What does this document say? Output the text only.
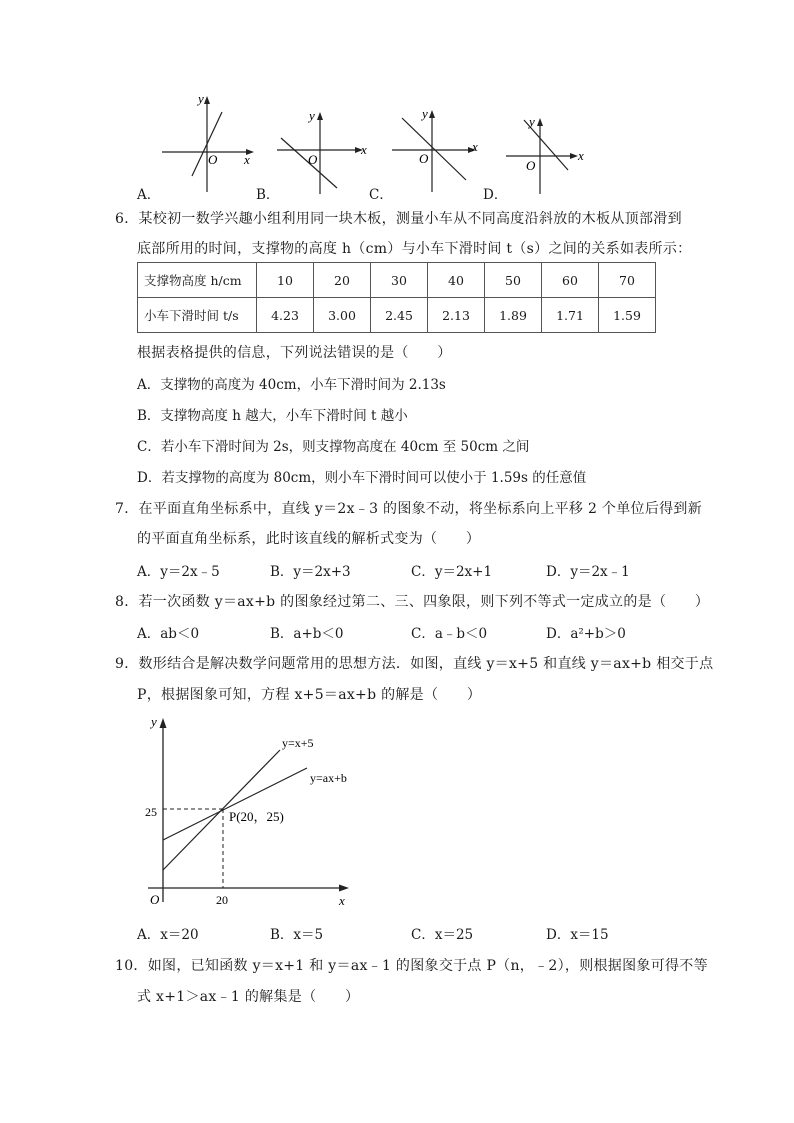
y
x
O
y
x
O
y
x
O
y
x
O
A．	B．	C．	D．
6．某校初一数学兴趣小组利用同一块木板，测量小车从不同高度沿斜放的木板从顶部滑到
底部所用的时间，支撑物的高度 h（cm）与小车下滑时间 t（s）之间的关系如表所示：
支撑物高度 h/cm	10	20	30	40	50	60	70
小车下滑时间 t/s	4.23	3.00	2.45	2.13	1.89	1.71	1.59
根据表格提供的信息，下列说法错误的是（　　）
A．支撑物的高度为 40cm，小车下滑时间为 2.13s
B．支撑物高度 h 越大，小车下滑时间 t 越小
C．若小车下滑时间为 2s，则支撑物高度在 40cm 至 50cm 之间
D．若支撑物的高度为 80cm，则小车下滑时间可以使小于 1.59s 的任意值
7．在平面直角坐标系中，直线 y＝2x﹣3 的图象不动，将坐标系向上平移 2 个单位后得到新
的平面直角坐标系，此时该直线的解析式变为（　　）
A．y＝2x﹣5	B．y＝2x+3	C．y＝2x+1	D．y＝2x﹣1
8．若一次函数 y＝ax+b 的图象经过第二、三、四象限，则下列不等式一定成立的是（　　）
A．ab＜0	B．a+b＜0	C．a﹣b＜0	D．a²+b＞0
9．数形结合是解决数学问题常用的思想方法．如图，直线 y＝x+5 和直线 y＝ax+b 相交于点
P，根据图象可知，方程 x+5＝ax+b 的解是（　　）
y
x
O
y=x+5
y=ax+b
25
20
P(20，25)
A．x＝20	B．x＝5	C．x＝25	D．x＝15
10．如图，已知函数 y＝x+1 和 y＝ax﹣1 的图象交于点 P（n，﹣2），则根据图象可得不等
式 x+1＞ax﹣1 的解集是（　　）
